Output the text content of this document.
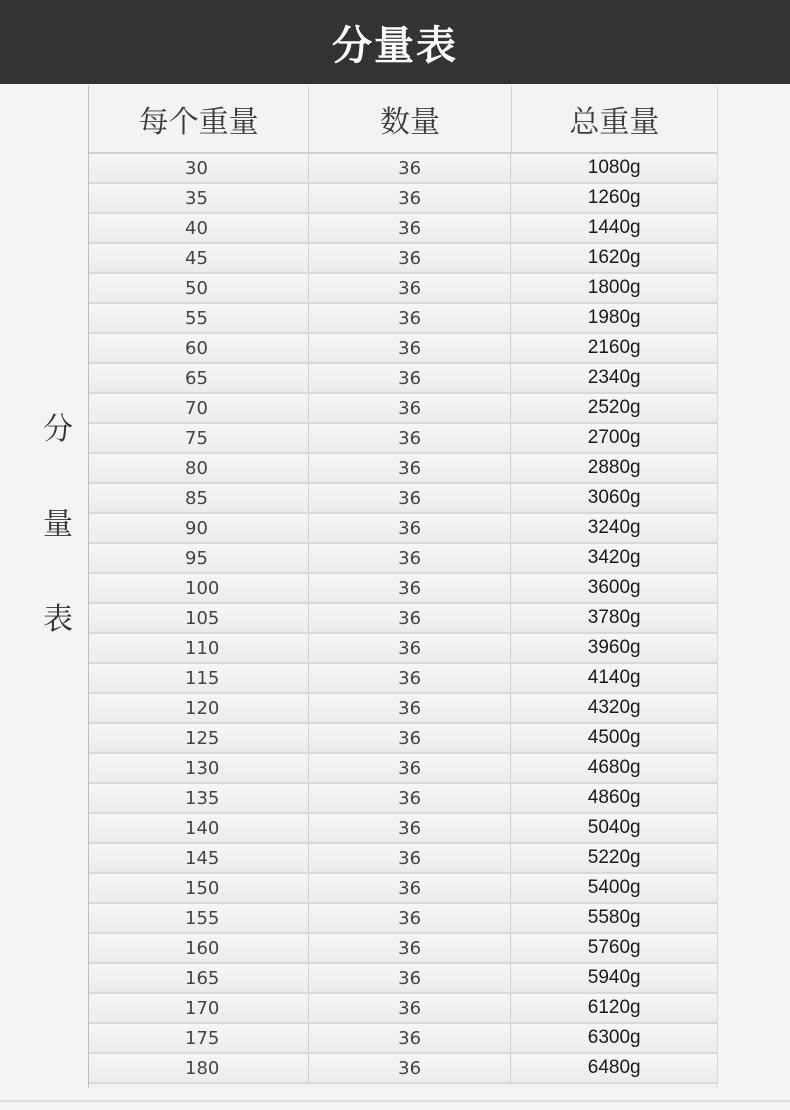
分量表
分
量
表
每个重量	数量	总重量
30	36	1080g
35	36	1260g
40	36	1440g
45	36	1620g
50	36	1800g
55	36	1980g
60	36	2160g
65	36	2340g
70	36	2520g
75	36	2700g
80	36	2880g
85	36	3060g
90	36	3240g
95	36	3420g
100	36	3600g
105	36	3780g
110	36	3960g
115	36	4140g
120	36	4320g
125	36	4500g
130	36	4680g
135	36	4860g
140	36	5040g
145	36	5220g
150	36	5400g
155	36	5580g
160	36	5760g
165	36	5940g
170	36	6120g
175	36	6300g
180	36	6480g
